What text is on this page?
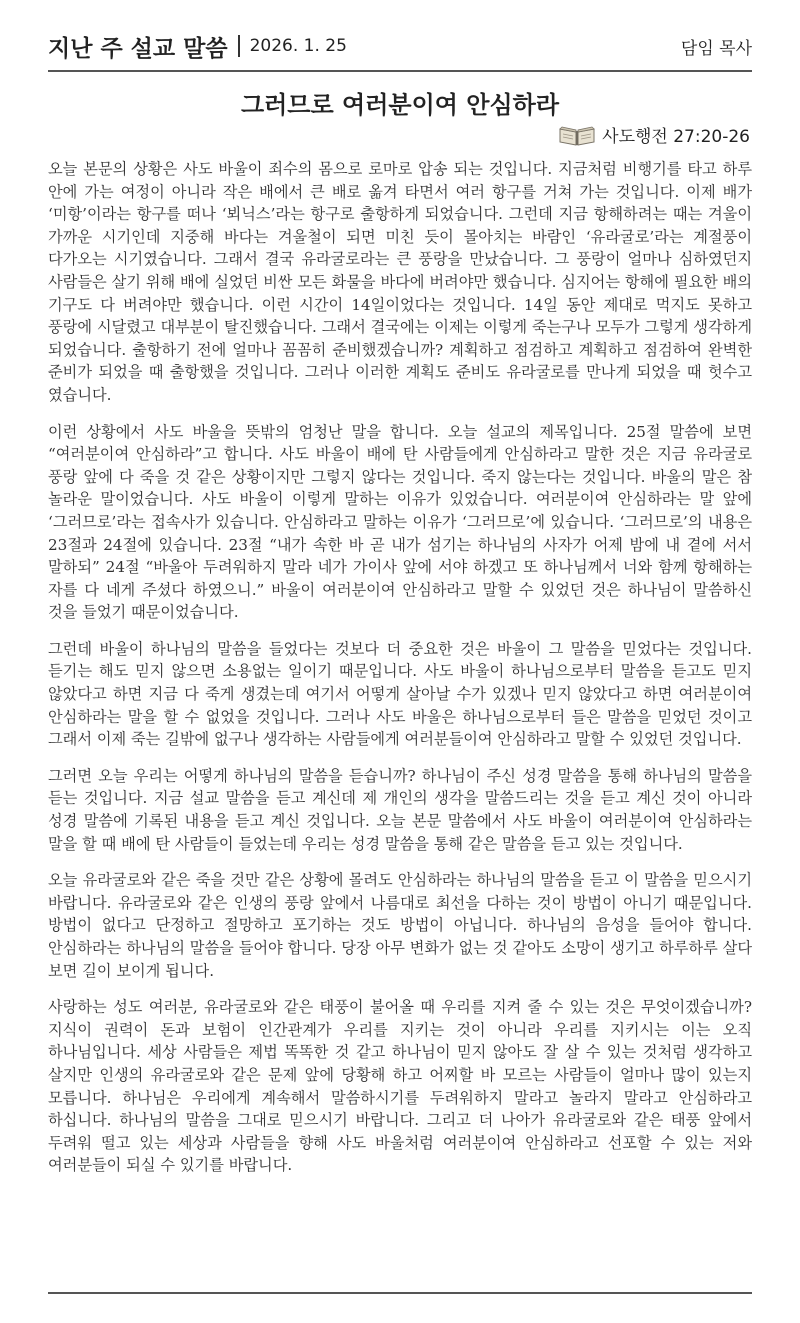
지난 주 설교 말씀 2026. 1. 25	담임 목사
그러므로 여러분이여 안심하라
사도행전 27:20-26

오늘 본문의 상황은 사도 바울이 죄수의 몸으로 로마로 압송 되는 것입니다. 지금처럼 비행기를 타고 하루 안에 가는 여정이 아니라 작은 배에서 큰 배로 옮겨 타면서 여러 항구를 거쳐 가는 것입니다. 이제 배가 ‘미항’이라는 항구를 떠나 ‘뵈닉스’라는 항구로 출항하게 되었습니다. 그런데 지금 항해하려는 때는 겨울이 가까운 시기인데 지중해 바다는 겨울철이 되면 미친 듯이 몰아치는 바람인 ‘유라굴로’라는 계절풍이 다가오는 시기였습니다. 그래서 결국 유라굴로라는 큰 풍랑을 만났습니다. 그 풍랑이 얼마나 심하였던지 사람들은 살기 위해 배에 실었던 비싼 모든 화물을 바다에 버려야만 했습니다. 심지어는 항해에 필요한 배의 기구도 다 버려야만 했습니다. 이런 시간이 14일이었다는 것입니다. 14일 동안 제대로 먹지도 못하고 풍랑에 시달렸고 대부분이 탈진했습니다. 그래서 결국에는 이제는 이렇게 죽는구나 모두가 그렇게 생각하게 되었습니다. 출항하기 전에 얼마나 꼼꼼히 준비했겠습니까? 계획하고 점검하고 계획하고 점검하여 완벽한 준비가 되었을 때 출항했을 것입니다. 그러나 이러한 계획도 준비도 유라굴로를 만나게 되었을 때 헛수고 였습니다.

이런 상황에서 사도 바울을 뜻밖의 엄청난 말을 합니다. 오늘 설교의 제목입니다. 25절 말씀에 보면 “여러분이여 안심하라”고 합니다. 사도 바울이 배에 탄 사람들에게 안심하라고 말한 것은 지금 유라굴로 풍랑 앞에 다 죽을 것 같은 상황이지만 그렇지 않다는 것입니다. 죽지 않는다는 것입니다. 바울의 말은 참 놀라운 말이었습니다. 사도 바울이 이렇게 말하는 이유가 있었습니다. 여러분이여 안심하라는 말 앞에 ‘그러므로’라는 접속사가 있습니다. 안심하라고 말하는 이유가 ‘그러므로’에 있습니다. ‘그러므로’의 내용은 23절과 24절에 있습니다. 23절 “내가 속한 바 곧 내가 섬기는 하나님의 사자가 어제 밤에 내 곁에 서서 말하되” 24절 “바울아 두려워하지 말라 네가 가이사 앞에 서야 하겠고 또 하나님께서 너와 함께 항해하는 자를 다 네게 주셨다 하였으니.” 바울이 여러분이여 안심하라고 말할 수 있었던 것은 하나님이 말씀하신 것을 들었기 때문이었습니다.

그런데 바울이 하나님의 말씀을 들었다는 것보다 더 중요한 것은 바울이 그 말씀을 믿었다는 것입니다. 듣기는 해도 믿지 않으면 소용없는 일이기 때문입니다. 사도 바울이 하나님으로부터 말씀을 듣고도 믿지 않았다고 하면 지금 다 죽게 생겼는데 여기서 어떻게 살아날 수가 있겠나 믿지 않았다고 하면 여러분이여 안심하라는 말을 할 수 없었을 것입니다. 그러나 사도 바울은 하나님으로부터 들은 말씀을 믿었던 것이고 그래서 이제 죽는 길밖에 없구나 생각하는 사람들에게 여러분들이여 안심하라고 말할 수 있었던 것입니다.

그러면 오늘 우리는 어떻게 하나님의 말씀을 듣습니까? 하나님이 주신 성경 말씀을 통해 하나님의 말씀을 듣는 것입니다. 지금 설교 말씀을 듣고 계신데 제 개인의 생각을 말씀드리는 것을 듣고 계신 것이 아니라 성경 말씀에 기록된 내용을 듣고 계신 것입니다. 오늘 본문 말씀에서 사도 바울이 여러분이여 안심하라는 말을 할 때 배에 탄 사람들이 들었는데 우리는 성경 말씀을 통해 같은 말씀을 듣고 있는 것입니다.

오늘 유라굴로와 같은 죽을 것만 같은 상황에 몰려도 안심하라는 하나님의 말씀을 듣고 이 말씀을 믿으시기 바랍니다. 유라굴로와 같은 인생의 풍랑 앞에서 나름대로 최선을 다하는 것이 방법이 아니기 때문입니다. 방법이 없다고 단정하고 절망하고 포기하는 것도 방법이 아닙니다. 하나님의 음성을 들어야 합니다. 안심하라는 하나님의 말씀을 들어야 합니다. 당장 아무 변화가 없는 것 같아도 소망이 생기고 하루하루 살다 보면 길이 보이게 됩니다.

사랑하는 성도 여러분, 유라굴로와 같은 태풍이 불어올 때 우리를 지켜 줄 수 있는 것은 무엇이겠습니까? 지식이 권력이 돈과 보험이 인간관계가 우리를 지키는 것이 아니라 우리를 지키시는 이는 오직 하나님입니다. 세상 사람들은 제법 똑똑한 것 같고 하나님이 믿지 않아도 잘 살 수 있는 것처럼 생각하고 살지만 인생의 유라굴로와 같은 문제 앞에 당황해 하고 어찌할 바 모르는 사람들이 얼마나 많이 있는지 모릅니다. 하나님은 우리에게 계속해서 말씀하시기를 두려워하지 말라고 놀라지 말라고 안심하라고 하십니다. 하나님의 말씀을 그대로 믿으시기 바랍니다. 그리고 더 나아가 유라굴로와 같은 태풍 앞에서 두려워 떨고 있는 세상과 사람들을 향해 사도 바울처럼 여러분이여 안심하라고 선포할 수 있는 저와 여러분들이 되실 수 있기를 바랍니다.
